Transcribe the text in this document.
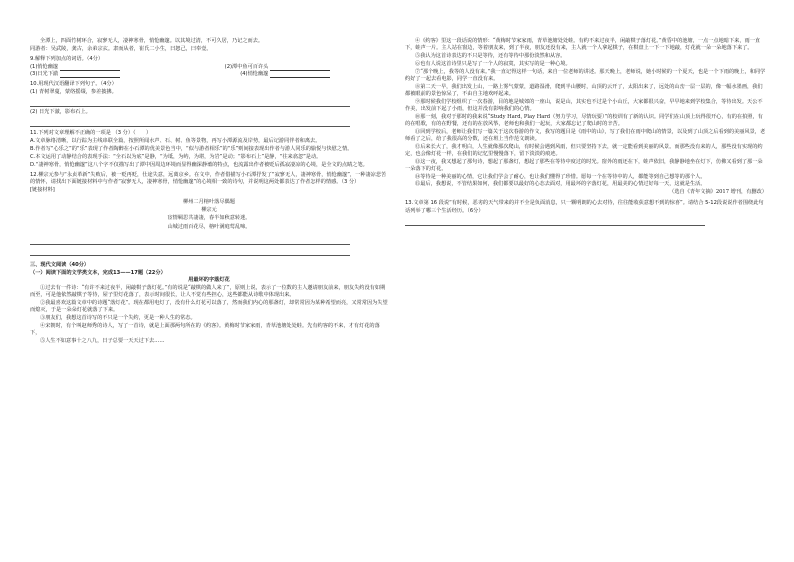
全潭上，四面竹树环合，寂寥无人，凄神寒骨，悄怆幽邃。以其境过清，不可久居，乃记之而去。

同游者：吴武陵，龚古，余弟宗玄。隶而从者，崔氏二小生，曰恕己，曰奉壹。

9.解释下列加点的词语。（4分）

(1)悄怆幽邃	(2)潭中鱼可百许头
(3)日光下澈	(4)悄怆幽邃

10.用现代汉语翻译下列句子。（4分）

(1) 青树翠蔓，蒙络摇缀，参差披拂。

(2) 日光下澈，影布石上。

11.下列对文章理解不正确的一项是 （3 分）（　　）

A.文章脉络清晰，以行踪为主线串联全篇，按照所闻水声、石、树、鱼等景物，再写小潭源流及岸势，最后记游同伴者和离去。

B.作者写“心乐之”的“乐”表现了作者陶醉在小石潭的优美景色当中，“似与游者相乐”的“乐”则间接表现出作者与游人同乐的愉悦与快慰之情。

C.本文运用了动静结合的表现手法：“全石以为底”是静，“为坻，为屿，为堪，为岩”是动；“影布石上”是静，“往来翕忽”是动。

D.“凄神寒骨，悄怆幽邃”这八个字不仅描写出了潭中因周边环境而显得幽深静谧的特点，也流露出作者被贬后孤寂凄凉的心境，是全文的点睛之笔。

12.柳宗元参与“永贞革新”失败后，被一贬再贬，仕途失意，远离京乡。在文中，作者借描写小石潭抒发了“寂寥无人，凄神寒骨，悄怆幽邃”，一种凄凉悲苦的情怀，请找出下面链接材料中与作者“寂寥无人，凄神寒骨，悄怆幽邃”的心境相一致的诗句，并说明这两处都表达了作者怎样的情感。（3 分）

[链接材料]

柳州二月榕叶落尽偶题

柳宗元

宦情羁思共凄凄，春半如秋意转迷。

山城过雨百花尽，榕叶满庭莺乱啼。

三、现代文阅读（40分）

（一）阅读下面的文学类文本，完成13——17题（22分）

用最坏的字落灯花

①过去有一件诗：“有许不来过夜半，闲敲棋子落灯花。”有的说是“敲棋的做人来了”，原则上说，表示了一位数的主人邀请朋友前来，朋友失约没有如期而至，可是他依然敲棋子等待，屋子里灯花落了，表示时间很长，让人不觉有些担心，这些都能从诗歌中体现出来。

②我最喜欢这篇文章中的诗题“落灯花”。现在都用电灯了，没有什么灯花可以落了，然而我们内心的那盏灯，却常常因为某种希望而亮，又常常因为失望而熄灭，于是一朵朵灯花就落了下来。

③朋友们，我想这首诗写的不只是一个失约，更是一种人生的常态。

④宋朝时，有个叫赵师秀的诗人，写了一首诗，就是上面那两句所在的《约客》。黄梅时节家家雨，青草池塘处处蛙。先有约客的不来，才有灯花的落下，

⑤人生不如意事十之八九，日子总要一天天过下去……

④《约客》里这一段话说的情形：“黄梅时节家家雨，青草池塘处处蛙。有约不来过夜半，闲敲棋子落灯花。”黄昏中的池塘，一点一点地暗下来，雨一直下，蛙声一片。主人站在窗边，等着朋友来，到了半夜，朋友还没有来，主人就一个人拿起棋子，在棋盘上一下一下地敲，灯花就一朵一朵地落下来了。

⑤我认为这首诗表达的不只是等待，还有等待中那份淡然和从容。

⑥也有人说这首诗里只是写了一个人的寂寞，其实写的是一种心境。

⑦“那个晚上，我等的人没有来。”我一直记得这样一句话，来自一位老师的讲述。那天晚上，老师说，她小时候的一个夏天，也是一个下雨的晚上，和同学约好了一起去看电影，同学一直没有来。

⑧第二天一早，我们出发上山，一路上雾气蒙蒙，道路湿滑，爬到半山腰时，山顶的云开了，太阳出来了，远处的山峦一层一层的，像一幅水墨画，我们都被眼前的景色惊呆了，不由自主地欢呼起来。

⑨那时候我们学校组织了一次春游，目的地是城郊的一座山，说是山，其实也不过是个小山丘，大家都很兴奋，早早地来到学校集合，等待出发。天公不作美，出发前下起了小雨，但这并没有影响我们的心情。

⑩那一刻，我对于那时的我来说“Study Hard, Play Hard（努力学习，尽情玩耍）”的校训有了新的认识。同学们在山顶上玩得很开心，有的在拍照，有的在唱歌，有的在野餐，还有的在放风筝，老师也和我们一起玩，大家都忘记了爬山时的辛苦。

⑪回到学校后，老师让我们写一篇关于这次春游的作文，我写的题目是《雨中的山》，写了我们在雨中爬山的情景，以及到了山顶之后看到的美丽风景，老师看了之后，给了我很高的分数，还在班上当作范文朗读。

⑫后来长大了，我才明白，人生就像那次爬山，有时候会遇到风雨，但只要坚持下去，就一定能看到美丽的风景。而那些没有来的人，那些没有实现的约定，也会像灯花一样，在我们的记忆里慢慢落下，留下淡淡的痕迹。

⑬这一夜，我又想起了那句诗，想起了那盏灯，想起了那些在等待中度过的时光。窗外的雨还在下，蛙声依旧，我静静地坐在灯下，仿佛又看到了那一朵一朵落下的灯花。

⑭等待是一种美丽的心情，它让我们学会了耐心，也让我们懂得了珍惜。愿每一个在等待中的人，都能等到自己想等的那个人。

⑮最后，我想说，不管结果如何，我们都要以最好的心态去面对，用最坏的字落灯花，用最美的心情过好每一天，这就是生活。

（选自《青年文摘》2017 增刊，有删改）

13.文章第 16 段说“有时候，恶劣的天气带来的并不全是负面消息，只一颗明朗的心去对待，往往能收获意想不到的惊喜”。请结合 5-12段说说作者围绕此句话列举了哪三个生活经历。（6分）
